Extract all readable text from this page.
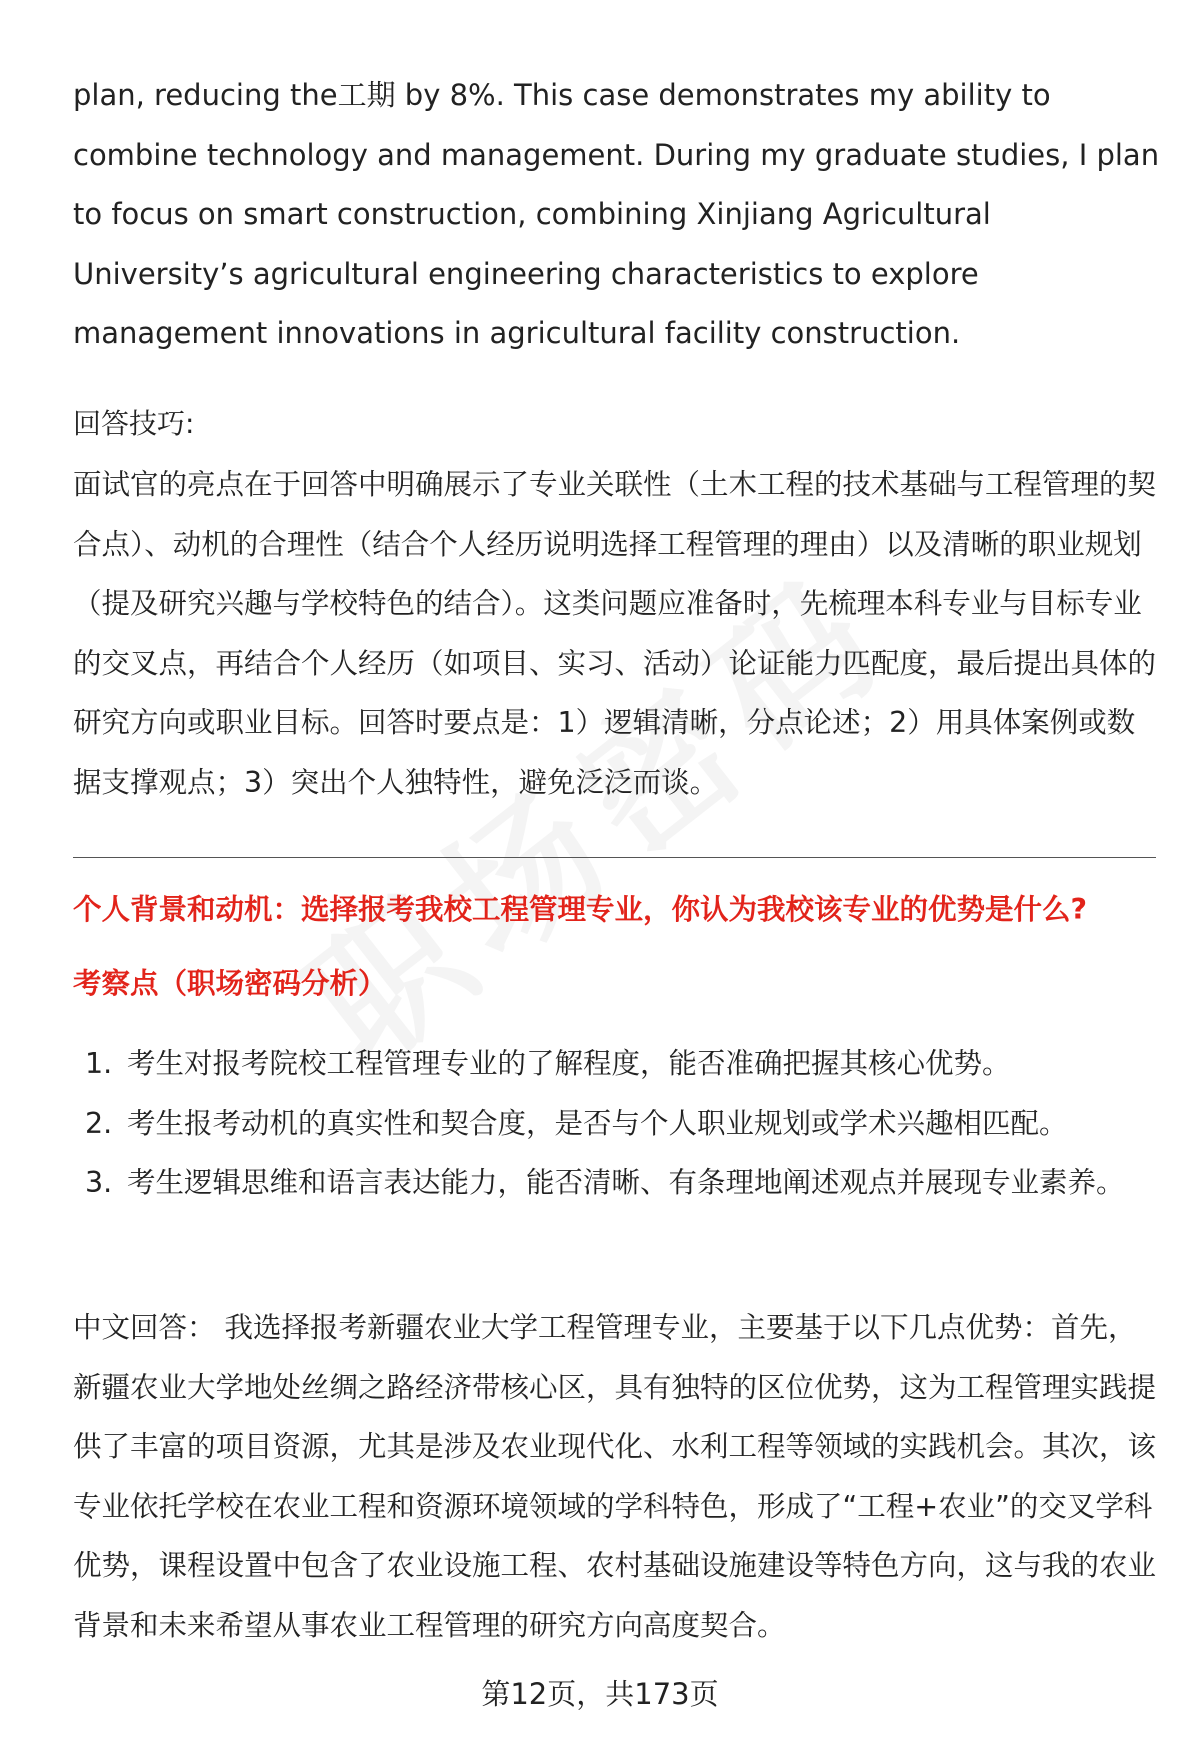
plan, reducing the工期 by 8%. This case demonstrates my ability to combine technology and management. During my graduate studies, I plan to focus on smart construction, combining Xinjiang Agricultural University’s agricultural engineering characteristics to explore management innovations in agricultural facility construction.

回答技巧:
面试官的亮点在于回答中明确展示了专业关联性（土木工程的技术基础与工程管理的契合点）、动机的合理性（结合个人经历说明选择工程管理的理由）以及清晰的职业规划（提及研究兴趣与学校特色的结合）。这类问题应准备时，先梳理本科专业与目标专业的交叉点，再结合个人经历（如项目、实习、活动）论证能力匹配度，最后提出具体的研究方向或职业目标。回答时要点是：1）逻辑清晰，分点论述；2）用具体案例或数据支撑观点；3）突出个人独特性，避免泛泛而谈。
个人背景和动机：选择报考我校工程管理专业，你认为我校该专业的优势是什么?
考察点（职场密码分析）
1. 考生对报考院校工程管理专业的了解程度，能否准确把握其核心优势。
2. 考生报考动机的真实性和契合度，是否与个人职业规划或学术兴趣相匹配。
3. 考生逻辑思维和语言表达能力，能否清晰、有条理地阐述观点并展现专业素养。
中文回答： 我选择报考新疆农业大学工程管理专业，主要基于以下几点优势：首先，新疆农业大学地处丝绸之路经济带核心区，具有独特的区位优势，这为工程管理实践提供了丰富的项目资源，尤其是涉及农业现代化、水利工程等领域的实践机会。其次，该专业依托学校在农业工程和资源环境领域的学科特色，形成了“工程+农业”的交叉学科优势，课程设置中包含了农业设施工程、农村基础设施建设等特色方向，这与我的农业背景和未来希望从事农业工程管理的研究方向高度契合。
第12页，共173页
